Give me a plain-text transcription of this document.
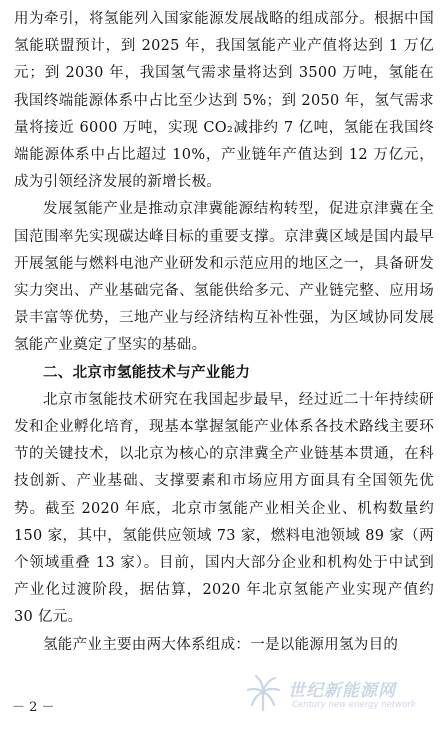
用为牵引，将氢能列入国家能源发展战略的组成部分。根据中国氢能联盟预计，到 2025 年，我国氢能产业产值将达到 1 万亿元；到 2030 年，我国氢气需求量将达到 3500 万吨，氢能在我国终端能源体系中占比至少达到 5%；到 2050 年，氢气需求量将接近 6000 万吨，实现 CO₂减排约 7 亿吨，氢能在我国终端能源体系中占比超过 10%，产业链年产值达到 12 万亿元，成为引领经济发展的新增长极。

发展氢能产业是推动京津冀能源结构转型，促进京津冀在全国范围率先实现碳达峰目标的重要支撑。京津冀区域是国内最早开展氢能与燃料电池产业研发和示范应用的地区之一，具备研发实力突出、产业基础完备、氢能供给多元、产业链完整、应用场景丰富等优势，三地产业与经济结构互补性强，为区域协同发展氢能产业奠定了坚实的基础。

二、北京市氢能技术与产业能力

北京市氢能技术研究在我国起步最早，经过近二十年持续研发和企业孵化培育，现基本掌握氢能产业体系各技术路线主要环节的关键技术，以北京为核心的京津冀全产业链基本贯通，在科技创新、产业基础、支撑要素和市场应用方面具有全国领先优势。截至 2020 年底，北京市氢能产业相关企业、机构数量约 150 家，其中，氢能供应领域 73 家，燃料电池领域 89 家（两个领域重叠 13 家）。目前，国内大部分企业和机构处于中试到产业化过渡阶段，据估算，2020 年北京氢能产业实现产值约 30 亿元。

氢能产业主要由两大体系组成：一是以能源用氢为目的

－ 2 －
世纪新能源网
Century new energy network
